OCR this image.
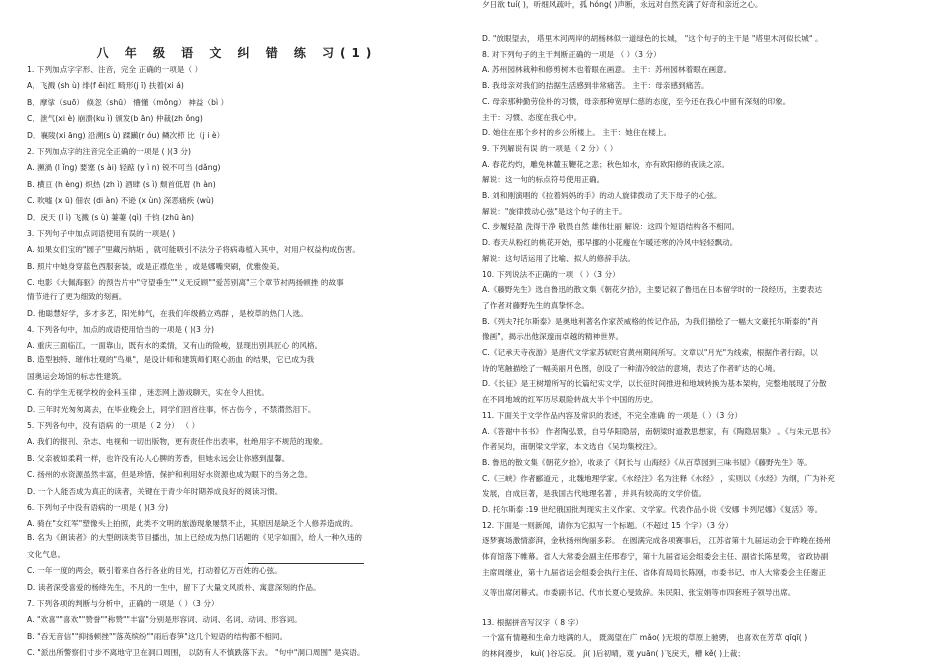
八 年 级 语 文 纠 错 练 习(1)
1. 下列加点字字形、注音，完全 正确的一项是（ ）
A．飞溅 (sh ù) 绯(f ēi)红 畸形(j ī) 扶着(xi á)
B．摩挲（suō） 倏忽（shū） 懵懂（mǒng） 神益（bì ）
C．泄气(xi è) 崩溃(ku ì) 颁发(b ān) 仲裁(zh ǒng)
D．襄陵(xi āng) 沿溯(s ù) 蹂躏(r óu) 鳞次栉 比（j i è）
2. 下列加点字的注音完全正确的一项是 ( )(3 分)
A. 瀕渦 (l ǐng) 要塞 (s ài) 轻踮 (y ì n) 锐不可当 (dǎng)
B. 横亘 (h èng) 炽热 (zh ì) 酒肆 (s ì) 颓首低眉 (h àn)
C. 吹嘘 (x ū) 佃农 (di àn) 不逊 (x ùn) 深恶痛疾 (wù)
D．戾天 (l ì) 飞溅 (s ù) 萋萋 (qì) 千钧 (zhū àn)
3. 下列句子中加点词语使用有误的一项是( )
A. 如果女们宝的"圆子"里藏污纳垢 ，就可能吸引不法分子将病毒植入其中，对用户权益构成伤害。
B. 照片中她身穿蓝色西服套装，或是正襟危坐 ，或是娜嘴突刷，优雅俊美。
C. 电影《大佩海驱》的预告片中"守望垂生""义无反顾""爱苦别离"三个章节衬两扬顿挫 的故事
情节进行了更为细致的刻画。
D. 他聪慧好学，多才多艺，阳光帅气，在我们年级鹤立鸡群 ，是校草的热门人选。
4. 下列各句中，加点的成语使用恰当的一项是 ( )(3 分)
A. 重庆三面临江，一面靠山，既有水的柔情，又有山的险峻，显现出别具匠心 的风格。
B. 造型独特、璀伟壮观的"鸟巢"，是设计师和建筑师们呕心沥血 的结果，它已成为我
国奥运会场馆的标志性建筑。
C. 有的学生无视学校的金科玉律 ，迷恋网上游戏聊天，实在令人担忧。
D. 三年时光匆匆离去，在毕业晚会上，同学们回首往事，怀古伤今 ，不禁潸然泪下。
5. 下列各句中，没有语病 的一项是（ 2 分） （ ）
A. 我们的报刊、杂志、电视和一切出版物，更有责任作出表率，杜绝用字不规范的现象。
B. 父亲被如柔莉一样，也许没有沁人心脾的芳香，但她永远会让你感到温馨。
C. 扬州的水资源虽然丰富，但是珍惜、保护和利用好水资源也成为眼下的当务之急。
D. 一个人能否成为真正的读者，关键在于青少年时期养成良好的阅读习惯。
6. 下列句子中没有语病的一项是 ( )(3 分)
A. 骑在"女红军"塑像头上拍照，此类不文明的旅游现象屡禁不止，其原因是缺乏个人修养造成的。
B. 名为《朗读者》的大型朗读类节目播出，加上已经成为热门话题的《见字如面》，给人一种久违的
文化气息。
C. 一年一度的两会，吸引着来自各行各业的目光，打动着亿万百姓的心弦。
D. 读者深受喜爱的杨绛先生，不凡的一生中，留下了大量文风质朴、寓意深刻的作品。
7. 下列各项的判断与分析中，正确的一项是（ ）（3 分）
A. "欢喜""喜欢""赞誉""称赞""丰富"分别是形容词、动词、名词、动词、形容词。
B. "吞无音信""抑扬顿挫""落英缤纷""雨后春笋"这几个短语的结构都不相同。
C. "派出所警察们寸步不离地守卫在洞口周围， 以防有人不慎跌落下去。 "句中"洞口周围" 是宾语。
D. "放眼望去， 塔里木河两岸的胡杨林似一道绿色的长城， "这个句子的主干是 "塔里木河似长城" 。
8. 对下列句子的主干判断正确的一项是 （ ）（3 分）
A. 苏州园林栽种和修剪树木也着眼在画意。 主干：苏州园林着眼在画意。
B. 我母亲对我们的拮据生活感到非常痛苦。 主干：母亲感到痛苦。
C. 母亲那种勤劳俭朴的习惯，母亲那种宽厚仁慈的态度，至今还在我心中留有深刻的印象。
主干：习惯、态度在我心中。
D. 她住在那个乡村的乡公所楼上。 主干：她住在楼上。
9. 下列解说有误 的一项是（ 2 分）（ ）
A. 春花灼灼，雕免林麓玉鞭花之悲；秋色如水，亦有欧阳修的夜读之凉。
解说：这一句的标点符号使用正确。
B. 刘和刚演唱的《拉着妈妈的手》的动人旋律拨动了天下母子的心弦。
解说："旋律拨动心弦"是这个句子的主干。
C. 步履轻盈 洗得干净 敬畏自然 雄伟壮丽 解说：这四个短语结构各不相同。
D. 春天从粉红的桃花开始，那早挪的小花瘦在乍暖还寒的冷风中轻轻飘动。
解说：这句话运用了比喻、拟人的修辞手法。
10. 下列说法不正确的一项 （ ）（3 分）
A.《藤野先生》选自鲁迅的散文集《朝花夕拾》，主要记叙了鲁迅在日本留学时的一段经历，主要表达
了作者对藤野先生的真挚怀念。
B.《列夫?托尔斯泰》是奥地利著名作家茨威格的传记作品，为我们描绘了一幅大文豪托尔斯泰的"肖
像画"，揭示出他深邃而卓越的精神世界。
C.《记承天寺夜游》是唐代文学家苏轼贬官黄州期间所写。文章以"月光"为线索，根据作者行踪，以
诗的笔触描绘了一幅美丽月色图，创设了一种清冷皎洁的意境，表达了作者旷达的心境。
D.《长征》是王树增所写的长篇纪实文学，以长征时间推进和地域转换为基本架构，完整地展现了分散
在不同地域的红军历尽艰险转战大半个中国的历史。
11. 下面关于文学作品内容及常识的表述，不完全准确 的一项是（ ）（3 分）
A.《答谢中书书》 作者陶弘景，自号华阳隐居，南朝梁时道教思想家，有《陶隐居集》 。《与朱元思书》
作者吴均，南朝梁文学家，本文选自《吴均集校注》。
B. 鲁迅的散文集《朝花夕拾》，收录了《阿长与 山海经》《从百草园到三味书屋》《藤野先生》等。
C.《三峡》作者郦道元 ，北魏地理学家。《水经注》名为注释《水经》 ，实则以《水经》为纲，广为补充
发展，自成巨著，是我国古代地理名著 ，并具有较高的文学价值。
D. 托尔斯泰 :19 世纪俄国批判现实主义作家、文学家。代表作品小说《安娜 卡列尼娜》《复活》等。
12. 下面是一则新闻，请你为它拟写一个标题。（不超过 15 个字）（3 分）
逐梦赛场激情澎湃，金秋扬州绚丽多彩。 在圆满完成各项赛事后， 江苏省第十九届运动会于昨晚在扬州
体育馆落下帷幕。省人大常委会副主任邢春宁，第十九届省运会组委会主任、副省长陈星莺， 省政协副
主席周继业，第十九届省运会组委会执行主任、省体育局局长陈刚，市委书记、市人大常委会主任谢正
义等出席闭幕式。市委副书记、代市长夏心旻致辞。朱民阳、张宝娟等市四套班子领导出席。
13. 根据拼音写汉字（ 8 字）
一个富有情趣和生命力地满的人， 既渴望在广 mǎo( )无垠的草原上驰骋， 也喜欢在芳草 qīqī( )
的林间漫步， kuì( )谷忘反。 jì( )后初晴，观 yuān( )飞戾天，槽 kě( )上裁；
夕日欲 tuí( )，听细风疏叶，孤 hóng( )声断，永远对自然充满了好奇和亲近之心。
